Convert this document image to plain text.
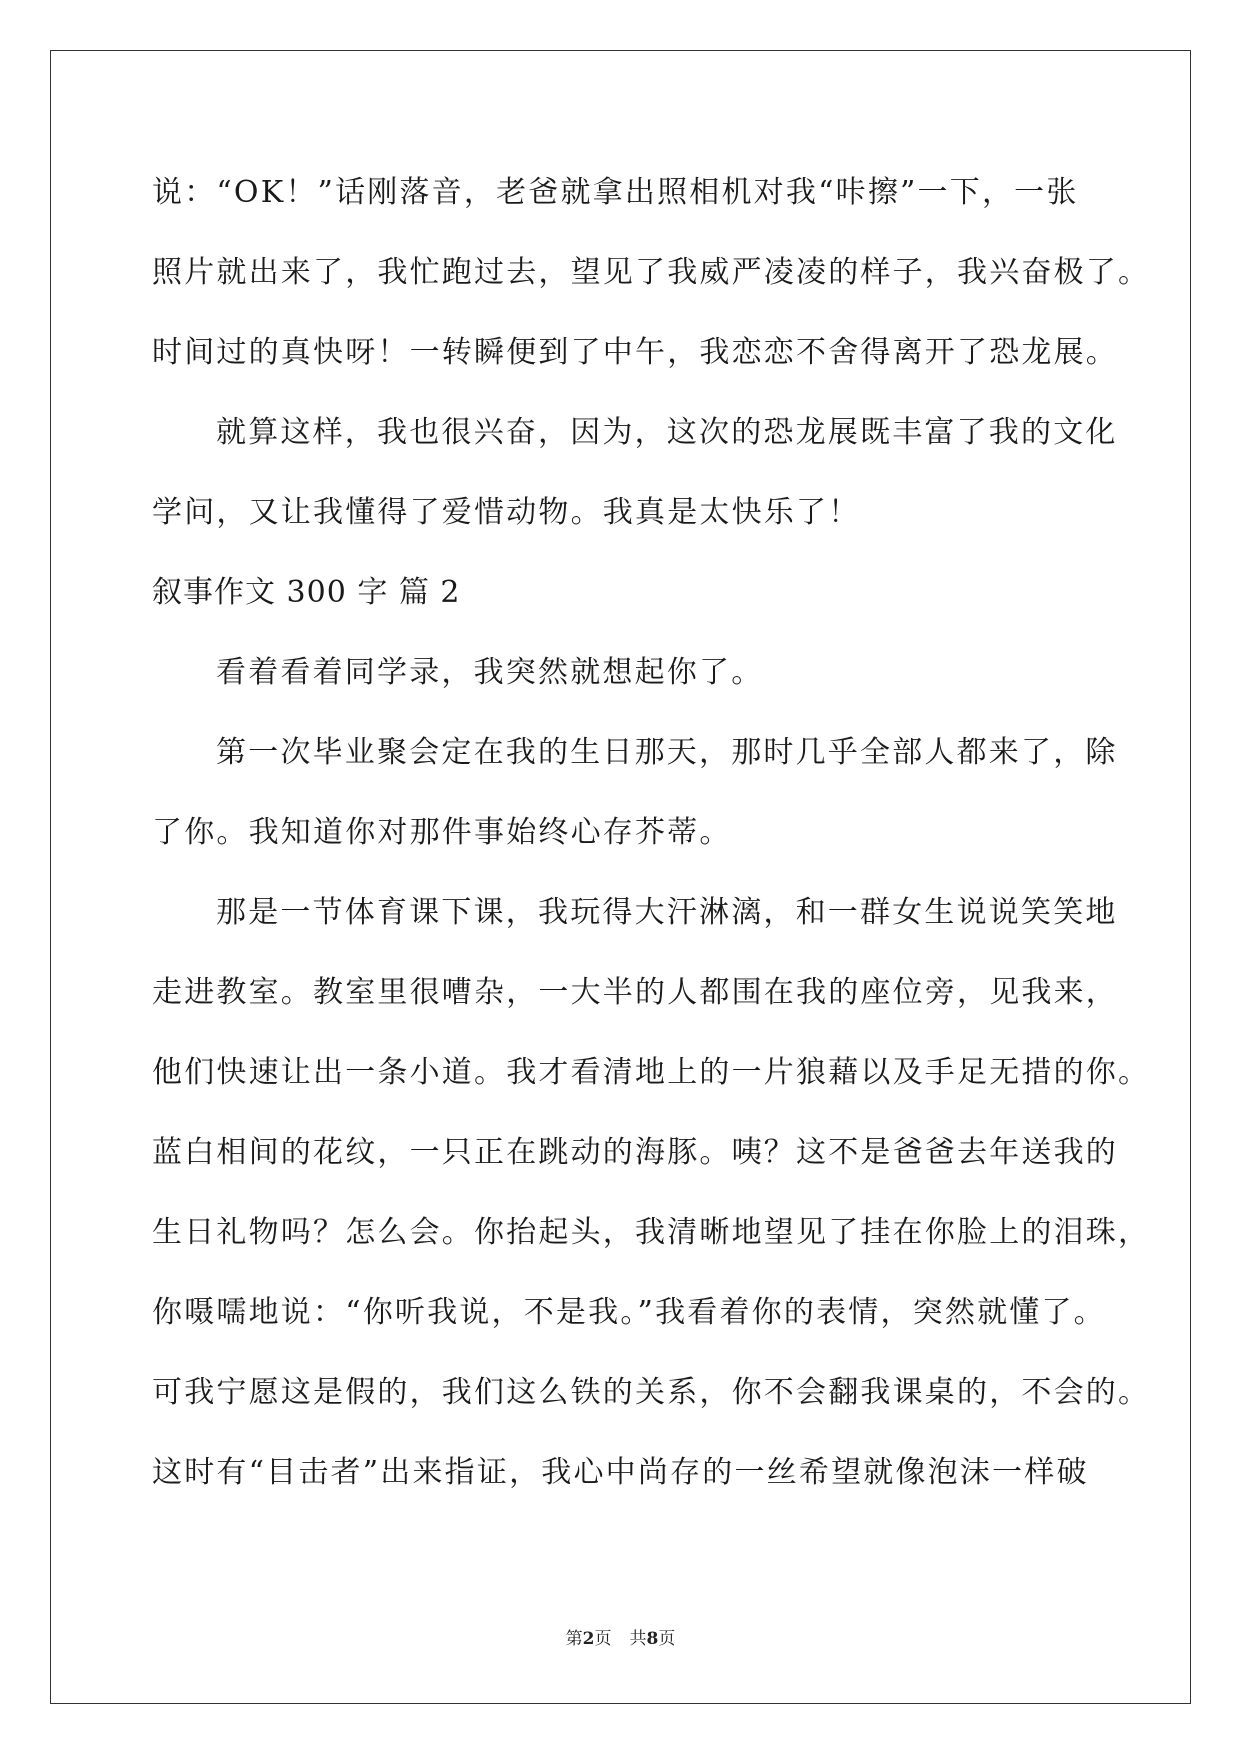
说：“OK！”话刚落音，老爸就拿出照相机对我“咔擦”一下，一张
照片就出来了，我忙跑过去，望见了我威严凌凌的样子，我兴奋极了。
时间过的真快呀！一转瞬便到了中午，我恋恋不舍得离开了恐龙展。
就算这样，我也很兴奋，因为，这次的恐龙展既丰富了我的文化
学问，又让我懂得了爱惜动物。我真是太快乐了！
叙事作文 300 字 篇 2
看着看着同学录，我突然就想起你了。
第一次毕业聚会定在我的生日那天，那时几乎全部人都来了，除
了你。我知道你对那件事始终心存芥蒂。
那是一节体育课下课，我玩得大汗淋漓，和一群女生说说笑笑地
走进教室。教室里很嘈杂，一大半的人都围在我的座位旁，见我来，
他们快速让出一条小道。我才看清地上的一片狼藉以及手足无措的你。
蓝白相间的花纹，一只正在跳动的海豚。咦？这不是爸爸去年送我的
生日礼物吗？怎么会。你抬起头，我清晰地望见了挂在你脸上的泪珠，
你嗫嚅地说：“你听我说，不是我。”我看着你的表情，突然就懂了。
可我宁愿这是假的，我们这么铁的关系，你不会翻我课桌的，不会的。
这时有“目击者”出来指证，我心中尚存的一丝希望就像泡沫一样破
第2页 共8页
